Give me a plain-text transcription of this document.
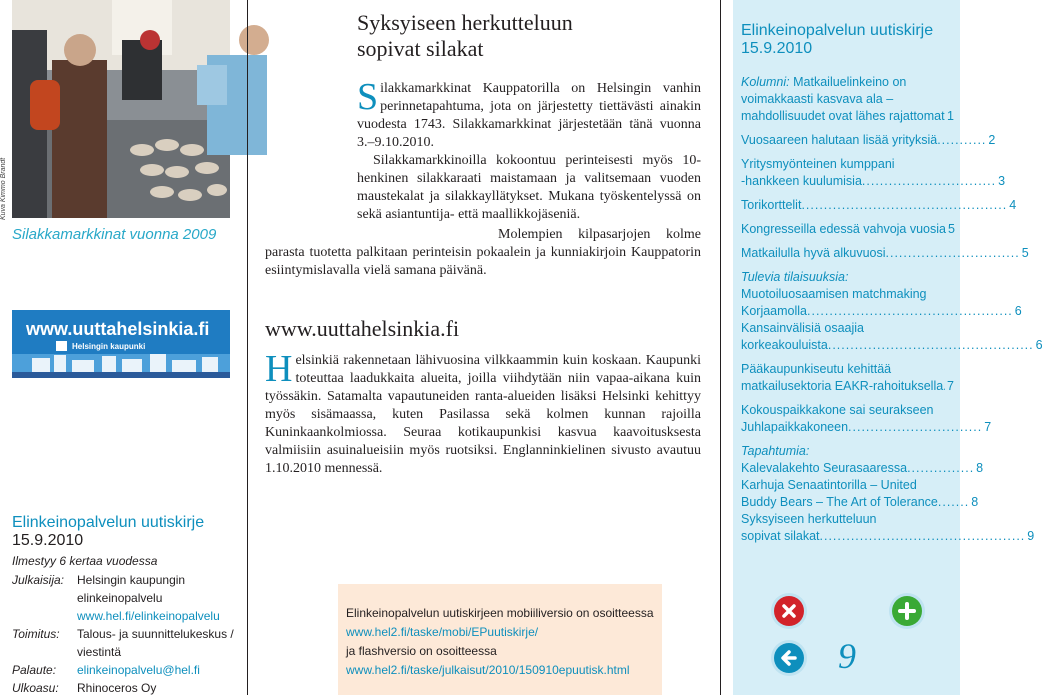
Kuva Kimmo Brandt
Silakkamarkkinat vuonna 2009
www.uuttahelsinkia.fi
Helsingin kaupunki
Elinkeinopalvelun uutiskirje
15.9.2010
Ilmestyy 6 kertaa vuodessa
Julkaisija:	Helsingin kaupungin
elinkeinopalvelu
www.hel.fi/elinkeinopalvelu
Toimitus:	Talous- ja suunnittelukeskus /
viestintä
Palaute:	elinkeinopalvelu@hel.fi
Ulkoasu:	Rhinoceros Oy
Syksyiseen herkutteluun
sopivat silakat
Silakkamarkkinat Kauppatorilla on Helsingin vanhin perinnetapahtuma, jota on järjestetty tiettävästi ainakin vuodesta 1743. Silakkamarkkinat järjestetään tänä vuonna 3.–9.10.2010.
Silakkamarkkinoilla kokoontuu perinteisesti myös 10-henkinen silakkaraati maistamaan ja valitsemaan vuoden maustekalat ja silakkayllätykset. Mukana työskentelyssä on sekä asiantuntija- että maallikkojäseniä.
Molempien kilpasarjojen kolme parasta tuotetta palkitaan perinteisin pokaalein ja kunniakirjoin Kauppatorin esiintymislavalla vielä samana päivänä.
www.uuttahelsinkia.fi
Helsinkiä rakennetaan lähivuosina vilkkaammin kuin koskaan. Kaupunki toteuttaa laadukkaita alueita, joilla viihdytään niin vapaa-aikana kuin työssäkin. Satamalta vapautuneiden ranta-alueiden lisäksi Helsinki kehittyy myös sisämaassa, kuten Pasilassa sekä kolmen kunnan rajoilla Kuninkaankolmiossa. Seuraa kotikaupunkisi kasvua kaavoitusksesta valmiisiin asuinalueisiin myös ruotsiksi. Englanninkielinen sivusto avautuu 1.10.2010 mennessä.
Elinkeinopalvelun uutiskirjeen mobiiliversio on osoitteessa
www.hel2.fi/taske/mobi/EPuutiskirje/
ja flashversio on osoitteessa
www.hel2.fi/taske/julkaisut/2010/150910epuutisk.html
Elinkeinopalvelun uutiskirje
15.9.2010
Kolumni:
Matkailuelinkeino on
voimakkaasti kasvava ala –
mahdollisuudet ovat lähes rajattomat 1
Vuosaareen halutaan lisää yrityksiä ........... 2
Yritysmyönteinen kumppani
-hankkeen kuulumisia .............................. 3
Torikorttelit .............................................. 4
Kongresseilla edessä vahvoja vuosia 5
Matkailulla hyvä alkuvuosi .............................. 5
Tulevia tilaisuuksia:
Muotoiluosaamisen matchmaking
Korjaamolla .............................................. 6
Kansainvälisiä osaajia
korkeakouluista .............................................. 6
Pääkaupunkiseutu kehittää
matkailusektoria EAKR-rahoituksella 7
Kokouspaikkakone sai seurakseen
Juhlapaikkakoneen .............................. 7
Tapahtumia:
Kalevalakehto Seurasaaressa ............... 8
Karhuja Senaatintorilla – United
Buddy Bears – The Art of Tolerance ....... 8
Syksyiseen herkutteluun
sopivat silakat .............................................. 9
9
